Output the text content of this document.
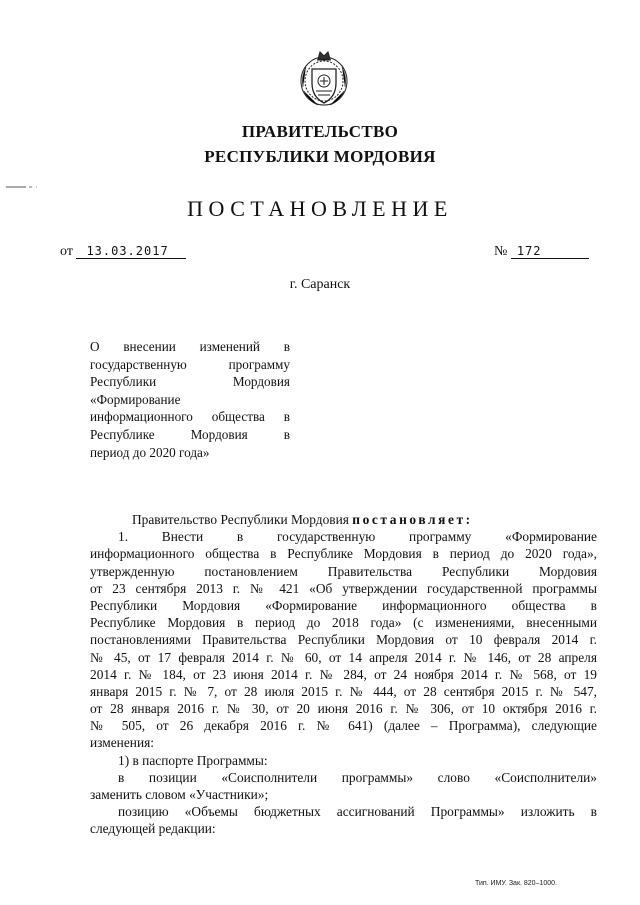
ПРАВИТЕЛЬСТВО
РЕСПУБЛИКИ МОРДОВИЯ
ПОСТАНОВЛЕНИЕ
от 13.03.2017	№ 172
г. Саранск
О внесении изменений в
государственную программу
Республики Мордовия
«Формирование
информационного общества в
Республике Мордовия в
период до 2020 года»
Правительство Республики Мордовия постановляет:
1. Внести в государственную программу «Формирование
информационного общества в Республике Мордовия в период до 2020 года»,
утвержденную постановлением Правительства Республики Мордовия
от 23 сентября 2013 г. № 421 «Об утверждении государственной программы
Республики Мордовия «Формирование информационного общества в
Республике Мордовия в период до 2018 года» (с изменениями, внесенными
постановлениями Правительства Республики Мордовия от 10 февраля 2014 г.
№ 45, от 17 февраля 2014 г. № 60, от 14 апреля 2014 г. № 146, от 28 апреля
2014 г. № 184, от 23 июня 2014 г. № 284, от 24 ноября 2014 г. № 568, от 19
января 2015 г. № 7, от 28 июля 2015 г. № 444, от 28 сентября 2015 г. № 547,
от 28 января 2016 г. № 30, от 20 июня 2016 г. № 306, от 10 октября 2016 г.
№ 505, от 26 декабря 2016 г. № 641) (далее – Программа), следующие
изменения:
1) в паспорте Программы:
в позиции «Соисполнители программы» слово «Соисполнители»
заменить словом «Участники»;
позицию «Объемы бюджетных ассигнований Программы» изложить в
следующей редакции:
Тип. ИМУ. Зак. 820–1000.
